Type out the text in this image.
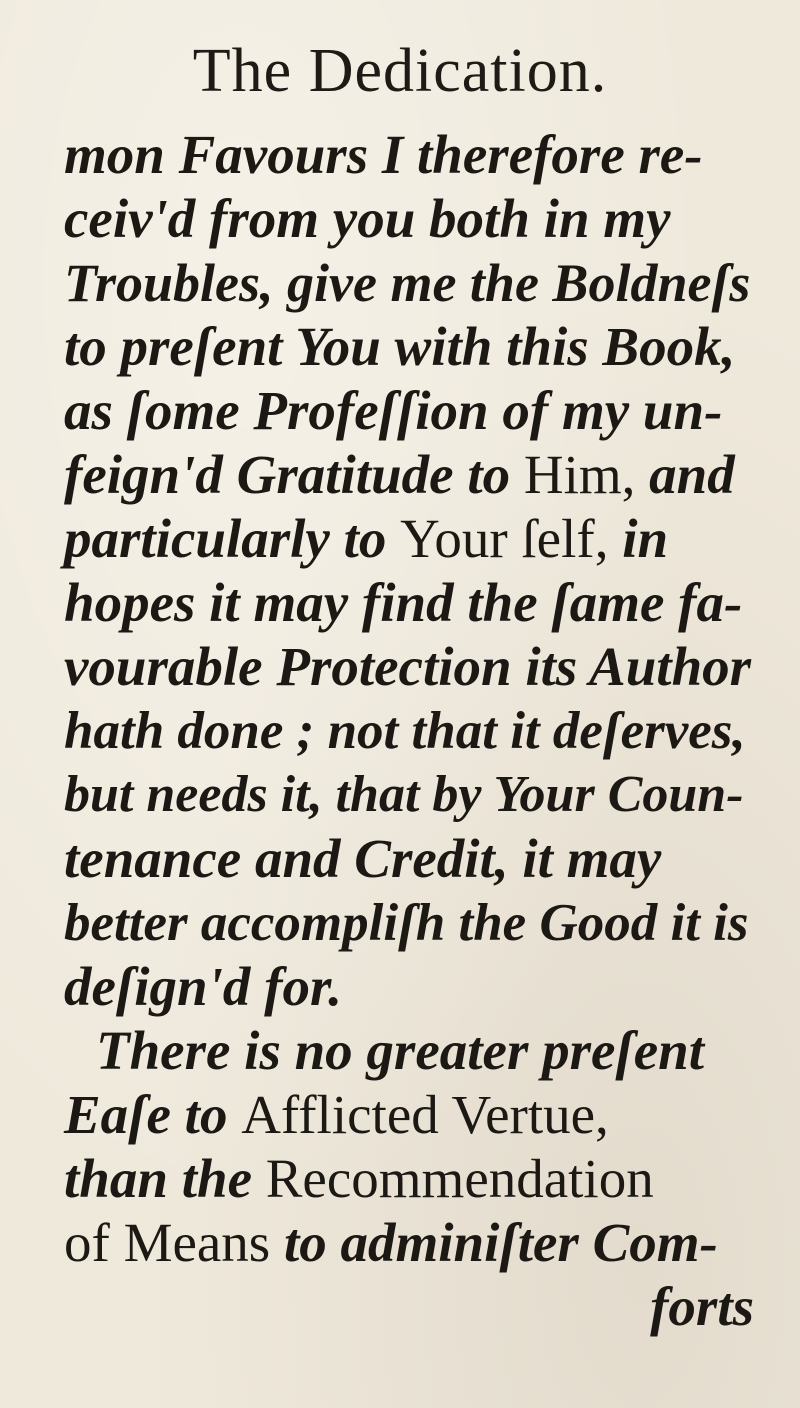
The Dedication.
mon Favours I therefore re-
ceiv'd from you both in my
Troubles, give me the Boldneſs
to preſent You with this Book,
as ſome Profeſſion of my un-
feign'd Gratitude to Him, and
particularly to Your ſelf, in
hopes it may find the ſame fa-
vourable Protection its Author
hath done ; not that it deſerves,
but needs it, that by Your Coun-
tenance and Credit, it may
better accompliſh the Good it is
deſign'd for.
There is no greater preſent
Eaſe to Afflicted Vertue,
than the Recommendation
of Means to adminiſter Com-
forts
